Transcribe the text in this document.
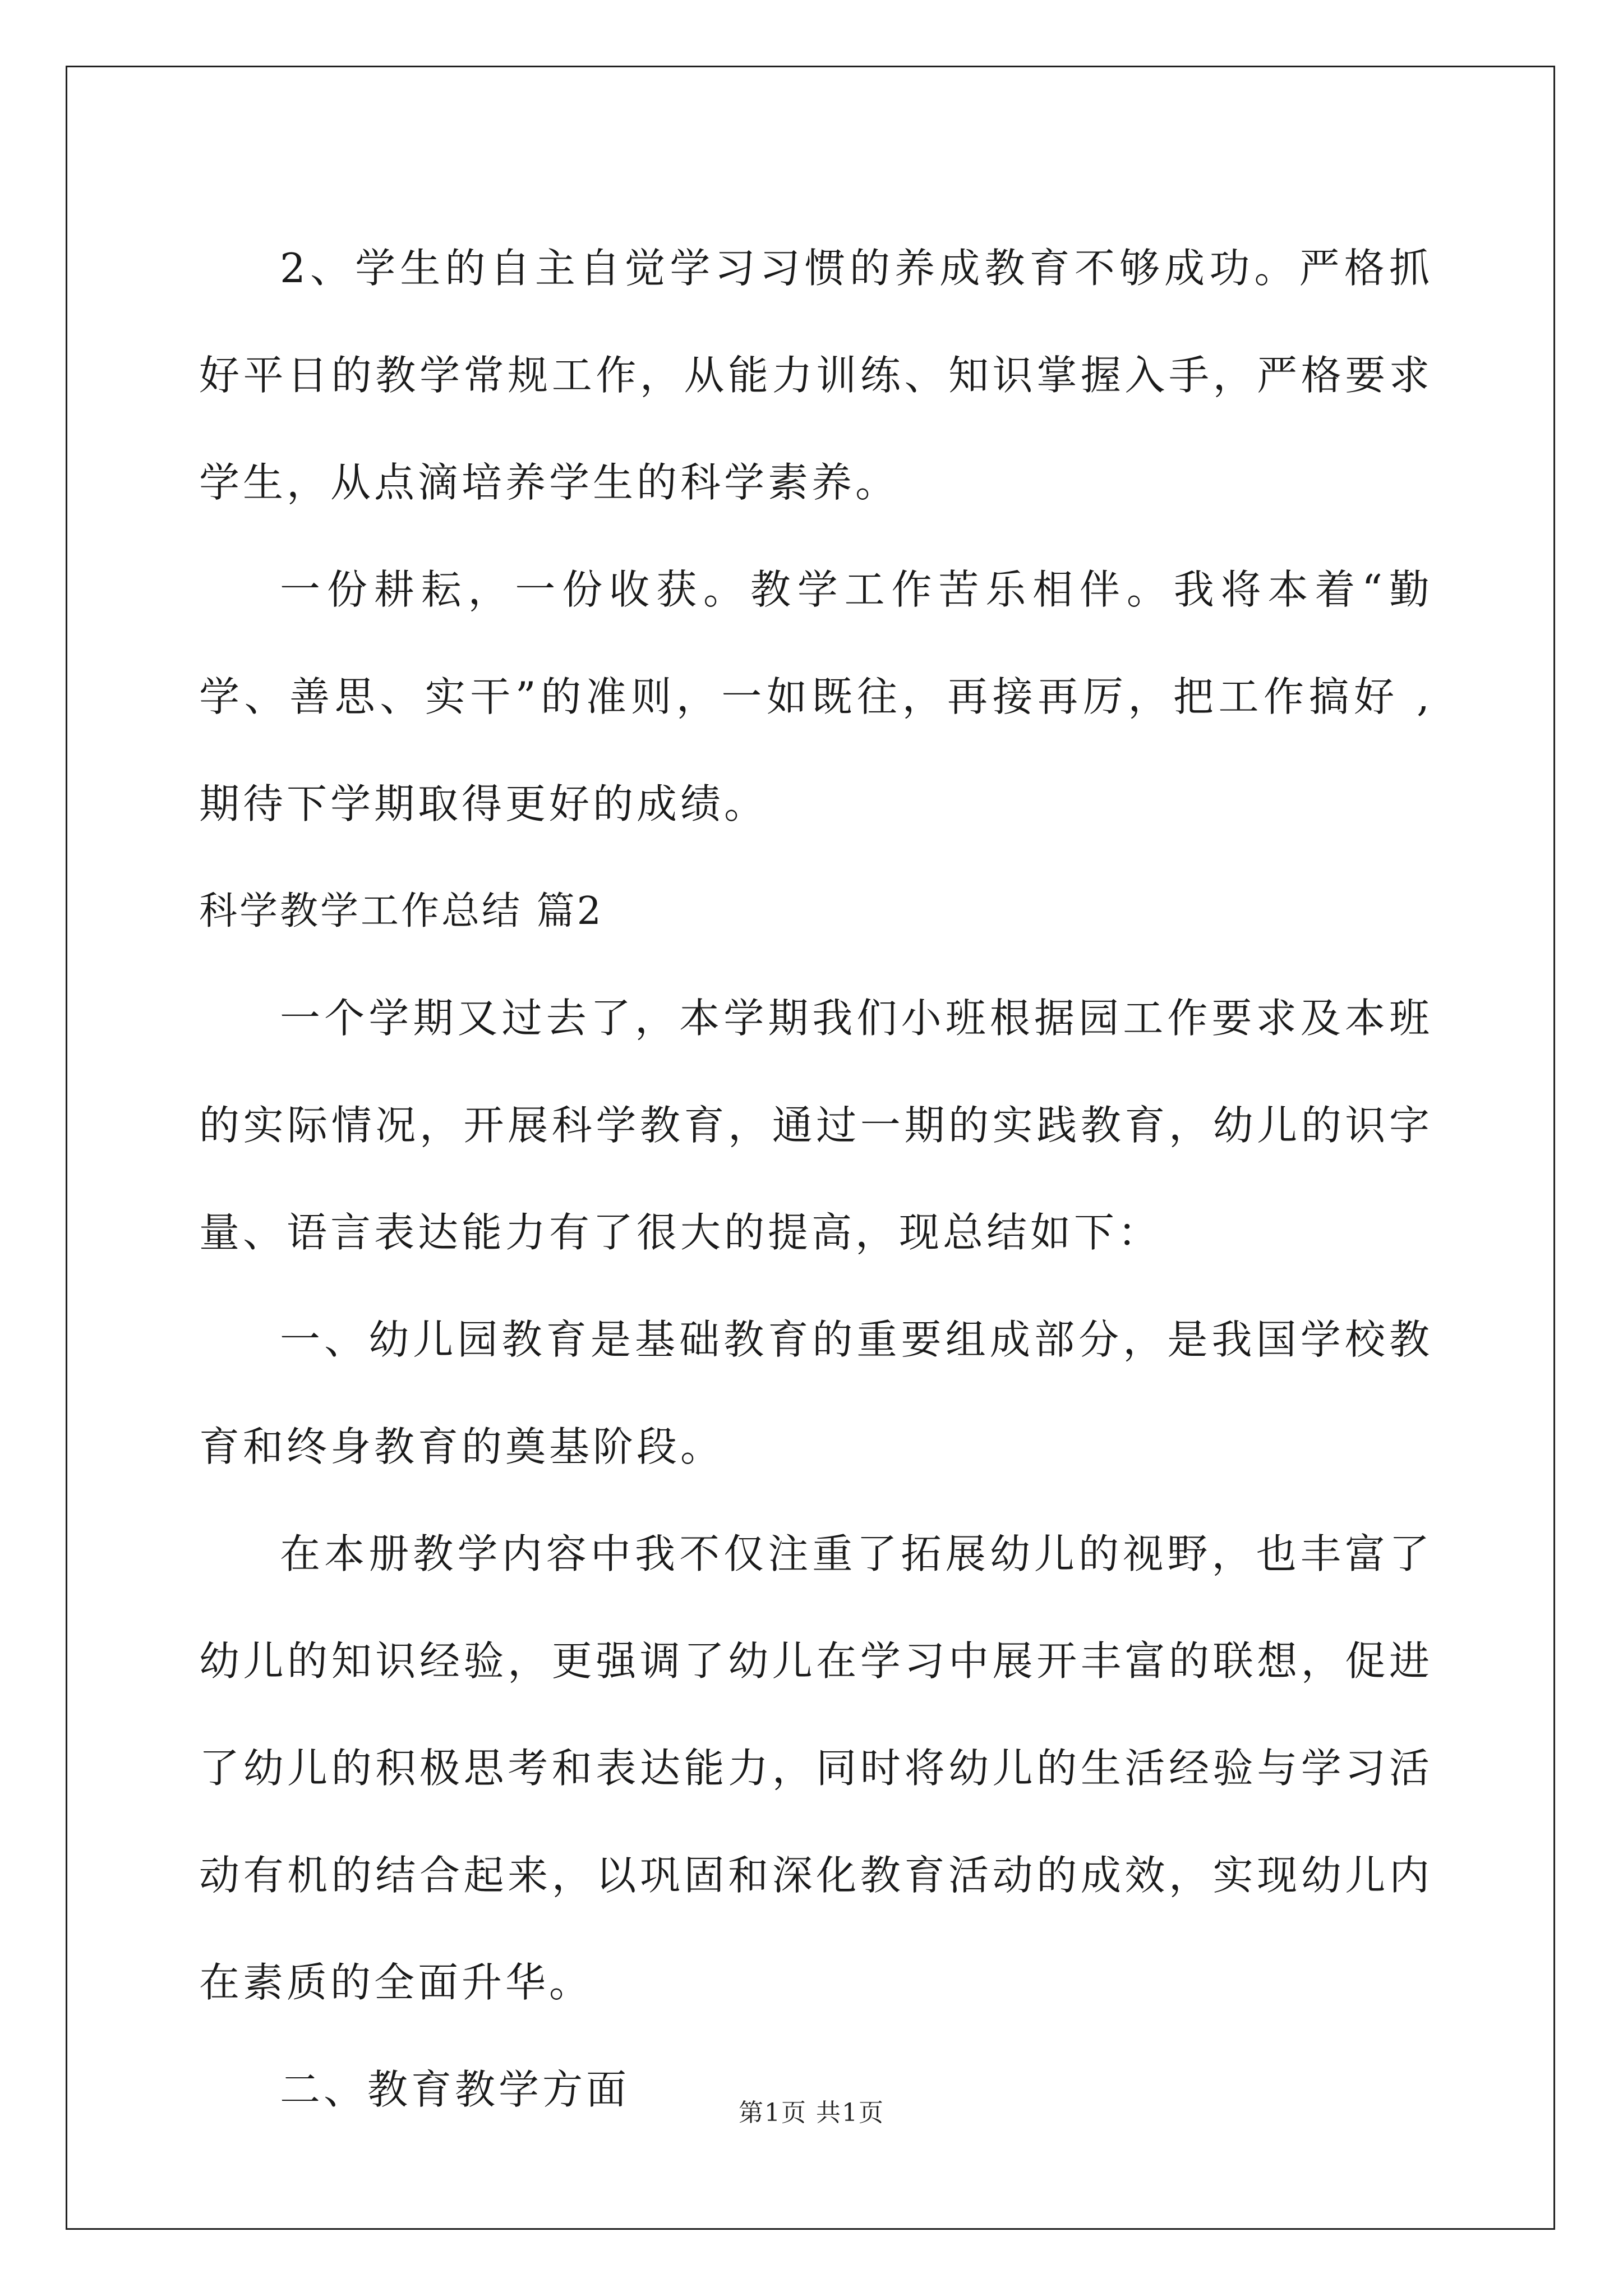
2、学生的自主自觉学习习惯的养成教育不够成功。严格抓好平日的教学常规工作，从能力训练、知识掌握入手，严格要求学生，从点滴培养学生的科学素养。

一份耕耘，一份收获。教学工作苦乐相伴。我将本着“勤学、善思、实干”的准则，一如既往，再接再厉，把工作搞好 ,期待下学期取得更好的成绩。

科学教学工作总结 篇2

一个学期又过去了，本学期我们小班根据园工作要求及本班的实际情况，开展科学教育，通过一期的实践教育，幼儿的识字量、语言表达能力有了很大的提高，现总结如下：

一、幼儿园教育是基础教育的重要组成部分，是我国学校教育和终身教育的奠基阶段。

在本册教学内容中我不仅注重了拓展幼儿的视野，也丰富了幼儿的知识经验，更强调了幼儿在学习中展开丰富的联想，促进了幼儿的积极思考和表达能力，同时将幼儿的生活经验与学习活动有机的结合起来，以巩固和深化教育活动的成效，实现幼儿内在素质的全面升华。

二、教育教学方面	第1页 共1页
